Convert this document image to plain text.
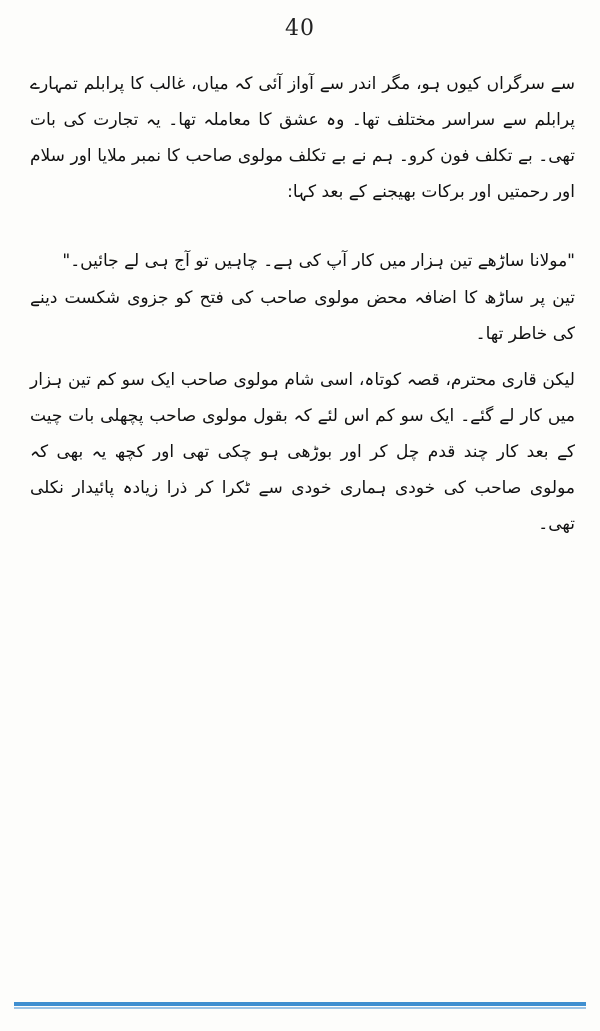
40

سے سرگراں کیوں ہو، مگر اندر سے آواز آئی کہ میاں، غالب کا پرابلم تمہارے پرابلم سے سراسر مختلف تھا۔ وہ عشق کا معاملہ تھا۔ یہ تجارت کی بات تھی۔ بے تکلف فون کرو۔ ہم نے بے تکلف مولوی صاحب کا نمبر ملایا اور سلام اور رحمتیں اور برکات بھیجنے کے بعد کہا:

"مولانا ساڑھے تین ہزار میں کار آپ کی ہے۔ چاہیں تو آج ہی لے جائیں۔"

تین پر ساڑھ کا اضافہ محض مولوی صاحب کی فتح کو جزوی شکست دینے کی خاطر تھا۔

لیکن قاری محترم، قصہ کوتاہ، اسی شام مولوی صاحب ایک سو کم تین ہزار میں کار لے گئے۔ ایک سو کم اس لئے کہ بقول مولوی صاحب پچھلی بات چیت کے بعد کار چند قدم چل کر اور بوڑھی ہو چکی تھی اور کچھ یہ بھی کہ مولوی صاحب کی خودی ہماری خودی سے ٹکرا کر ذرا زیادہ پائیدار نکلی تھی۔
